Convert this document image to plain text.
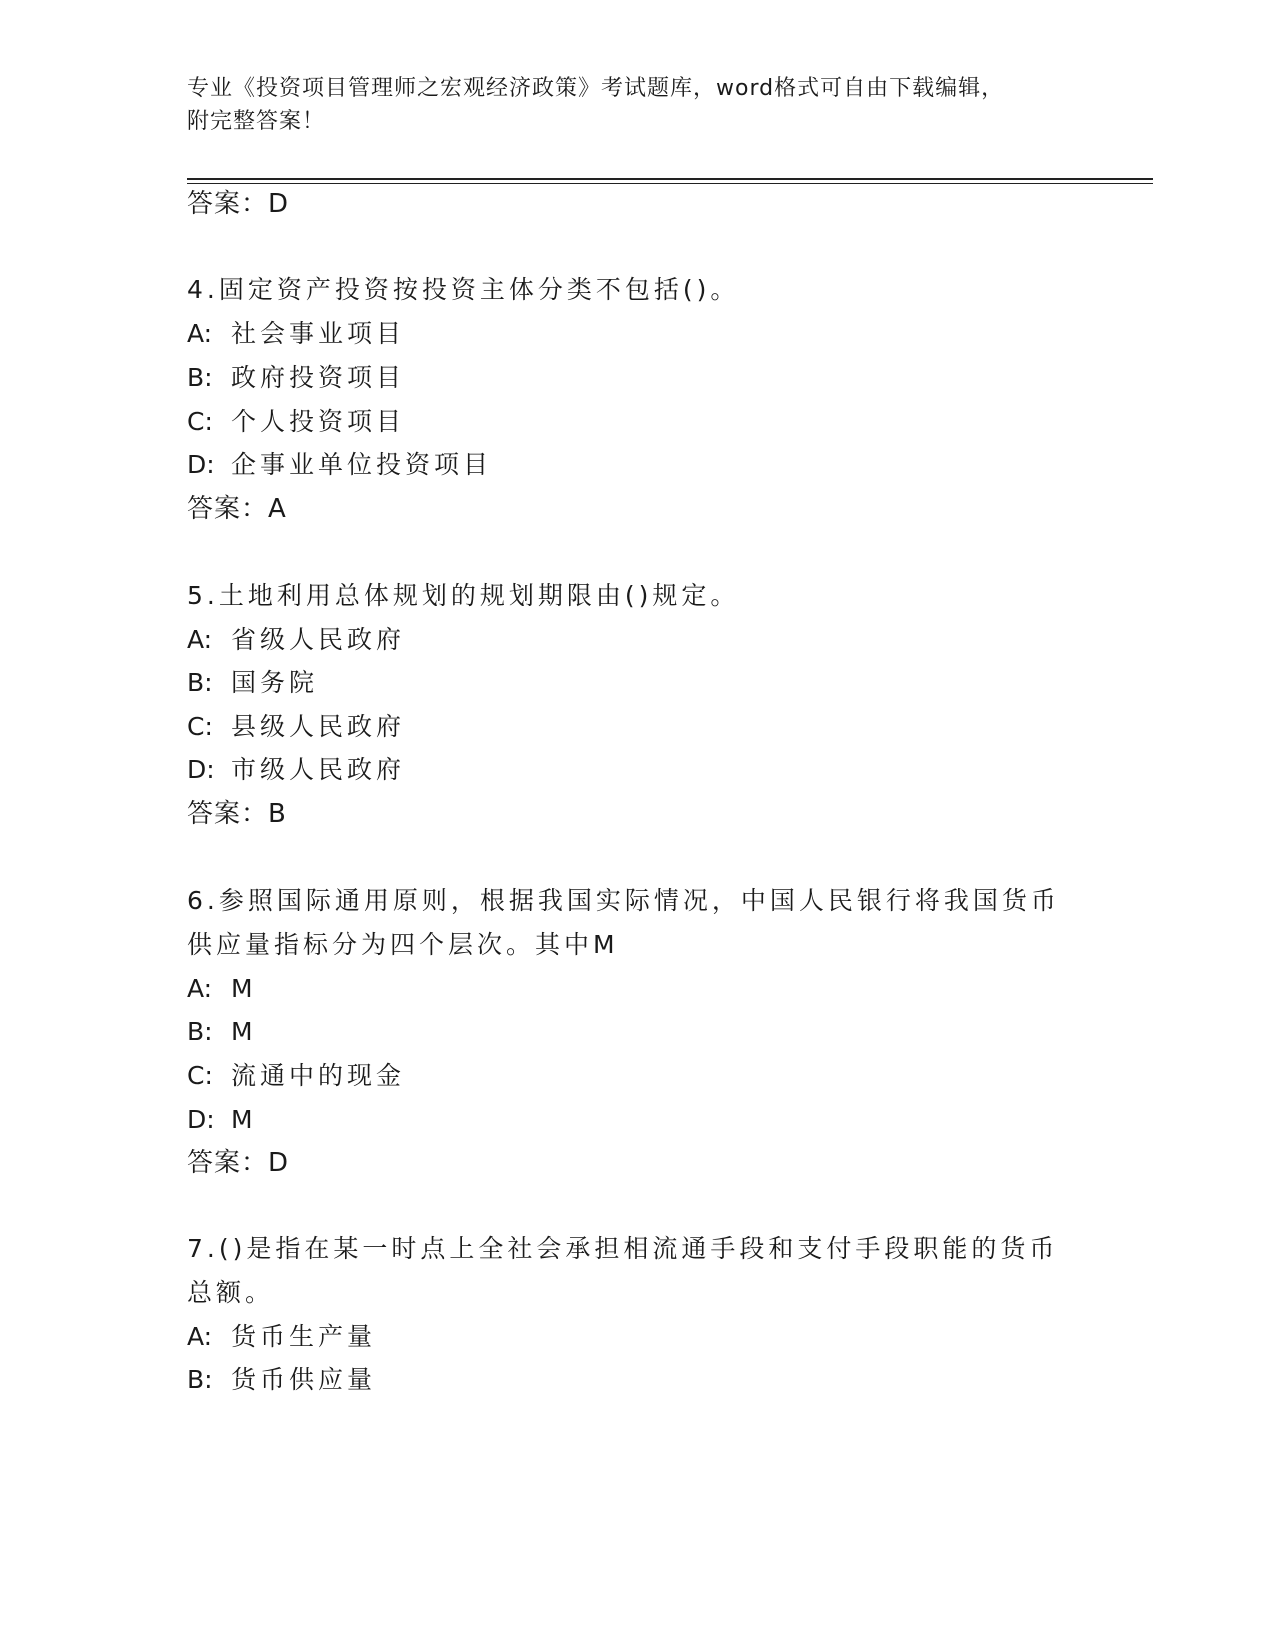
专业《投资项目管理师之宏观经济政策》考试题库，word格式可自由下载编辑，
附完整答案！
答案：D
4.固定资产投资按投资主体分类不包括()。
A: 社会事业项目
B: 政府投资项目
C: 个人投资项目
D: 企事业单位投资项目
答案：A
5.土地利用总体规划的规划期限由()规定。
A: 省级人民政府
B: 国务院
C: 县级人民政府
D: 市级人民政府
答案：B
6.参照国际通用原则，根据我国实际情况，中国人民银行将我国货币
供应量指标分为四个层次。其中M
A: M
B: M
C: 流通中的现金
D: M
答案：D
7.()是指在某一时点上全社会承担相流通手段和支付手段职能的货币
总额。
A: 货币生产量
B: 货币供应量
